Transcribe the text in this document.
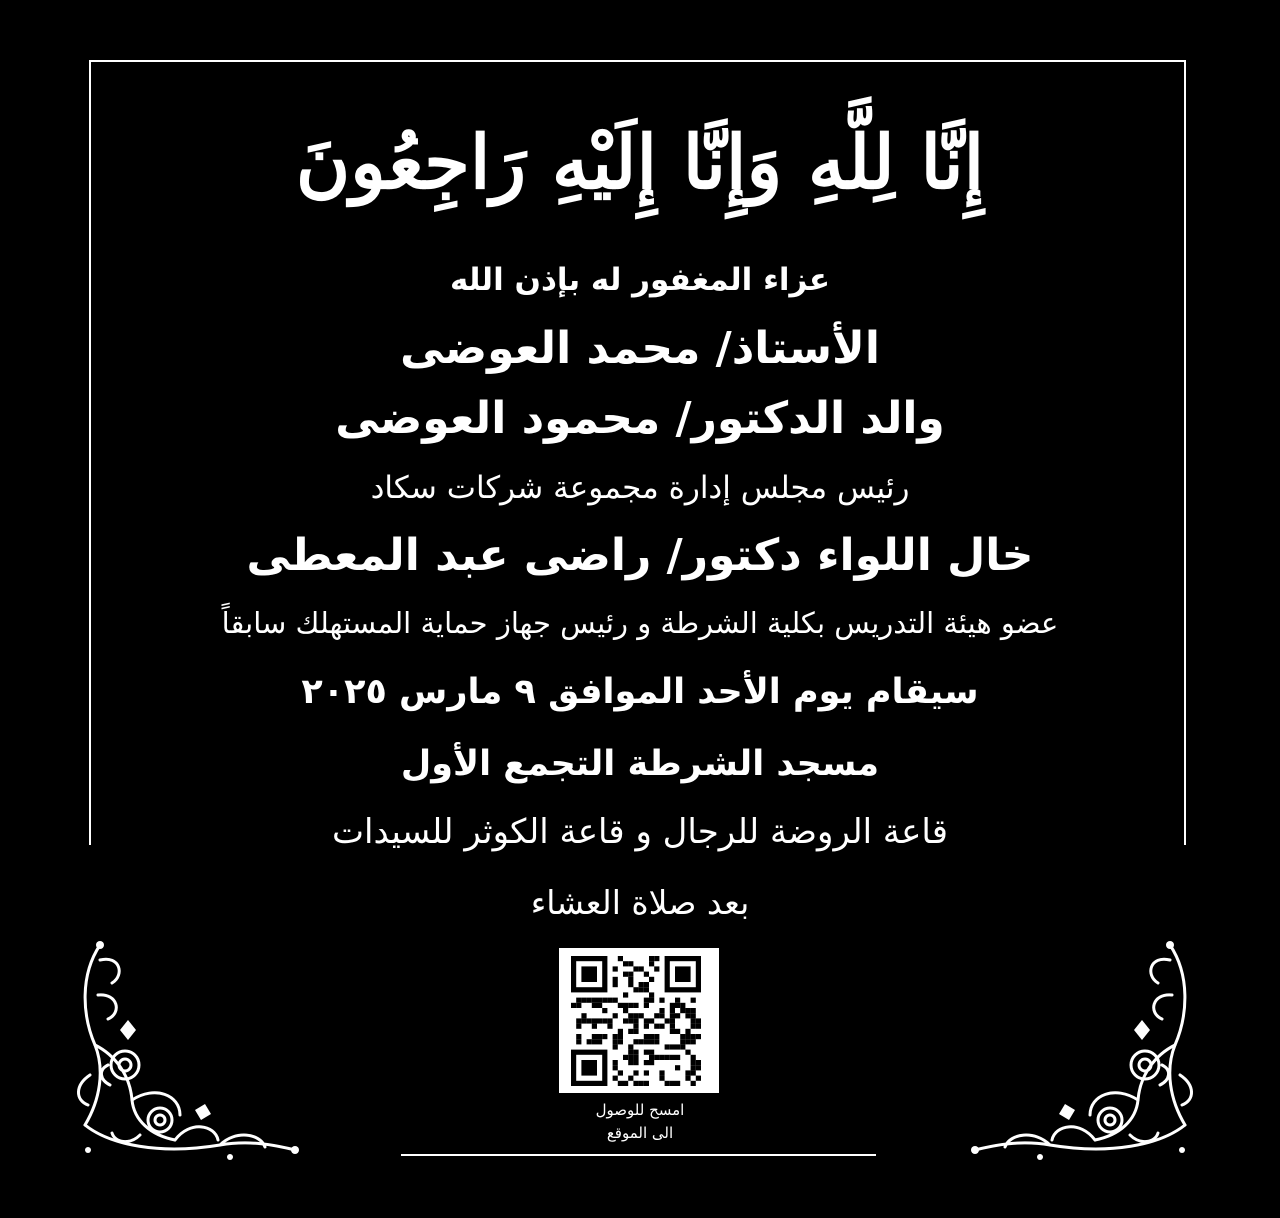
إِنَّا لِلَّهِ وَإِنَّا إِلَيْهِ رَاجِعُونَ
عزاء المغفور له بإذن الله
الأستاذ/ محمد العوضى
والد الدكتور/ محمود العوضى
رئيس مجلس إدارة مجموعة شركات سكاد
خال اللواء دكتور/ راضى عبد المعطى
عضو هيئة التدريس بكلية الشرطة و رئيس جهاز حماية المستهلك سابقاً
سيقام يوم الأحد الموافق ٩ مارس ٢٠٢٥
مسجد الشرطة التجمع الأول
قاعة الروضة للرجال و قاعة الكوثر للسيدات
بعد صلاة العشاء
امسح للوصول
الى الموقع
